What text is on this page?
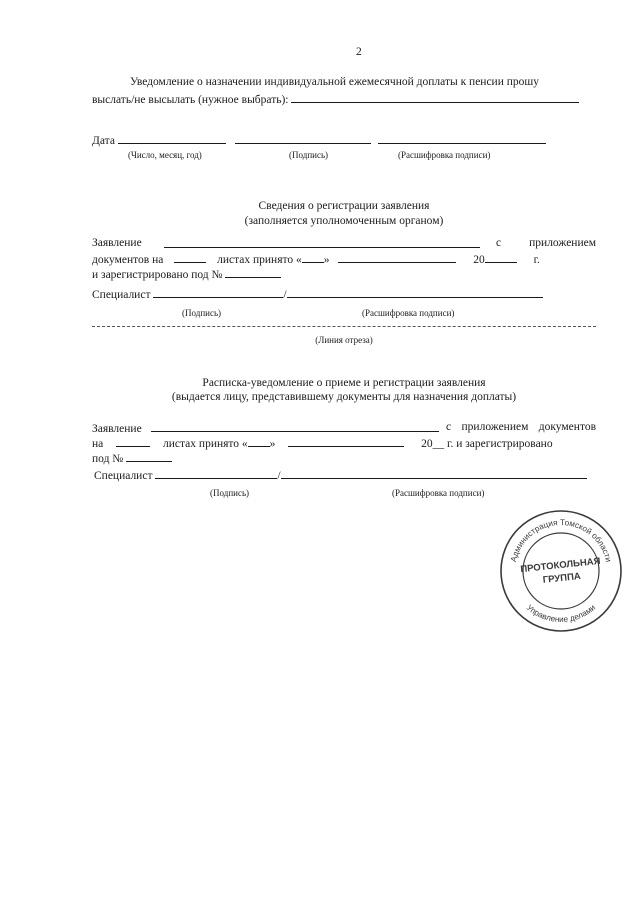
2
Уведомление о назначении индивидуальной ежемесячной доплаты к пенсии прошу
выслать/не высылать (нужное выбрать):
Дата
(Число, месяц, год)	(Подпись)	(Расшифровка подписи)
Сведения о регистрации заявления
(заполняется уполномоченным органом)
Заявление	с приложением
документов на	листах принято « »	20	г.
и зарегистрировано под №
Специалист	/
(Подпись)	(Расшифровка подписи)
(Линия отреза)
Расписка-уведомление о приеме и регистрации заявления
(выдается лицу, представившему документы для назначения доплаты)
Заявление	с приложением документов
на	листах принято « »	20__ г. и зарегистрировано
под №
Специалист	/
(Подпись)	(Расшифровка подписи)
Администрация Томской области
Управление делами
ПРОТОКОЛЬНАЯ
ГРУППА
